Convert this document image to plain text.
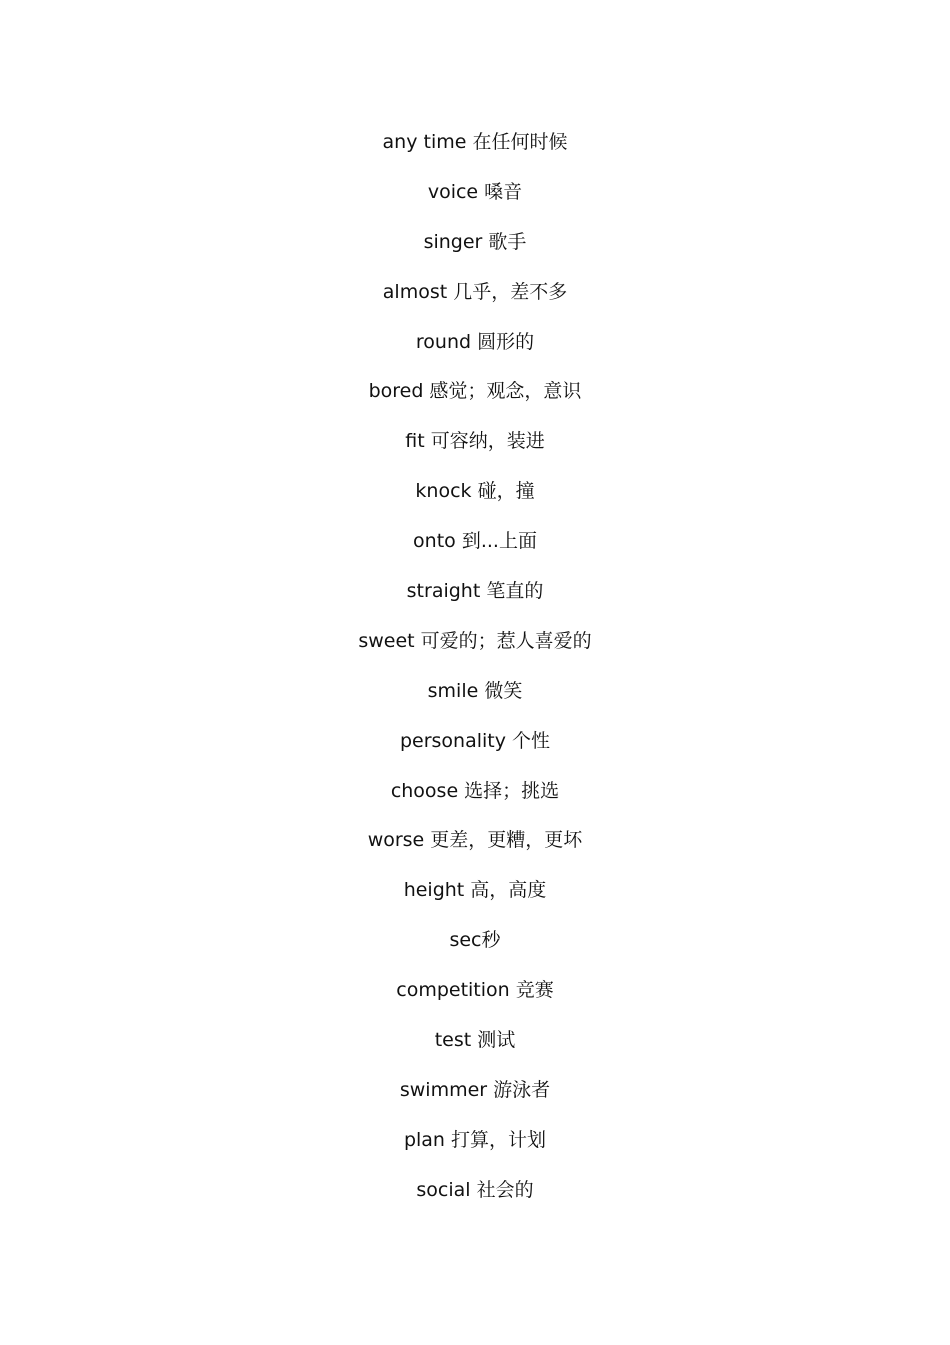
any time 在任何时候
voice 嗓音
singer 歌手
almost 几乎，差不多
round 圆形的
bored 感觉；观念，意识
fit 可容纳，装进
knock 碰，撞
onto 到...上面
straight 笔直的
sweet 可爱的；惹人喜爱的
smile 微笑
personality 个性
choose 选择；挑选
worse 更差，更糟，更坏
height 高，高度
sec秒
competition 竞赛
test 测试
swimmer 游泳者
plan 打算，计划
social 社会的
